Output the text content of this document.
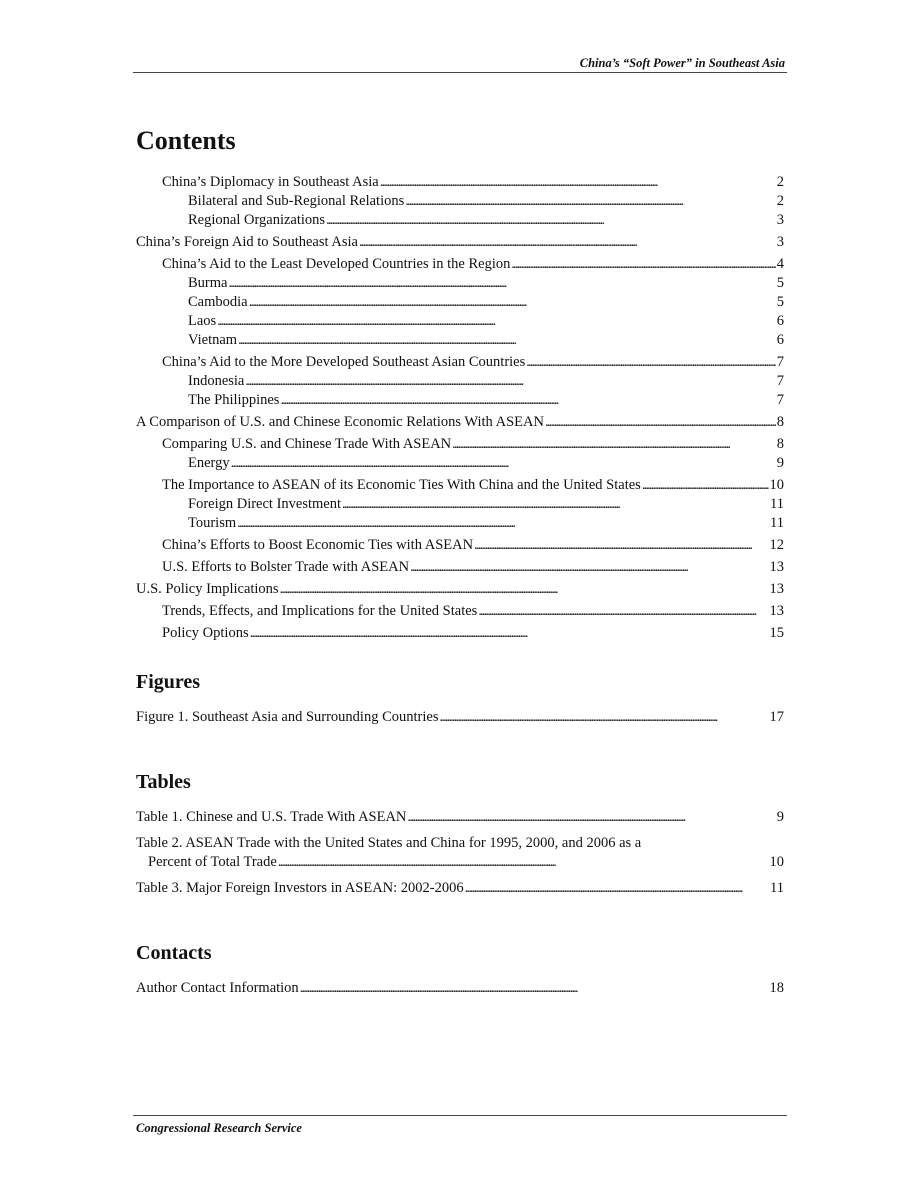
China’s “Soft Power” in Southeast Asia
Contents
China’s Diplomacy in Southeast Asia . . .	2
Bilateral and Sub-Regional Relations . . .	2
Regional Organizations . . .	3
China’s Foreign Aid to Southeast Asia . . .	3
China’s Aid to the Least Developed Countries in the Region . . .	4
Burma . . .	5
Cambodia . . .	5
Laos . . .	6
Vietnam . . .	6
China’s Aid to the More Developed Southeast Asian Countries . . .	7
Indonesia . . .	7
The Philippines . . .	7
A Comparison of U.S. and Chinese Economic Relations With ASEAN . . .	8
Comparing U.S. and Chinese Trade With ASEAN . . .	8
Energy . . .	9
The Importance to ASEAN of its Economic Ties With China and the United States . . .	10
Foreign Direct Investment . . .	11
Tourism . . .	11
China’s Efforts to Boost Economic Ties with ASEAN . . .	12
U.S. Efforts to Bolster Trade with ASEAN . . .	13
U.S. Policy Implications . . .	13
Trends, Effects, and Implications for the United States . . .	13
Policy Options . . .	15
Figures
Figure 1. Southeast Asia and Surrounding Countries . . .	17
Tables
Table 1. Chinese and U.S. Trade With ASEAN . . .	9
Table 2. ASEAN Trade with the United States and China for 1995, 2000, and 2006 as a
Percent of Total Trade . . .	10
Table 3. Major Foreign Investors in ASEAN: 2002-2006 . . .	11
Contacts
Author Contact Information . . .	18
Congressional Research Service
